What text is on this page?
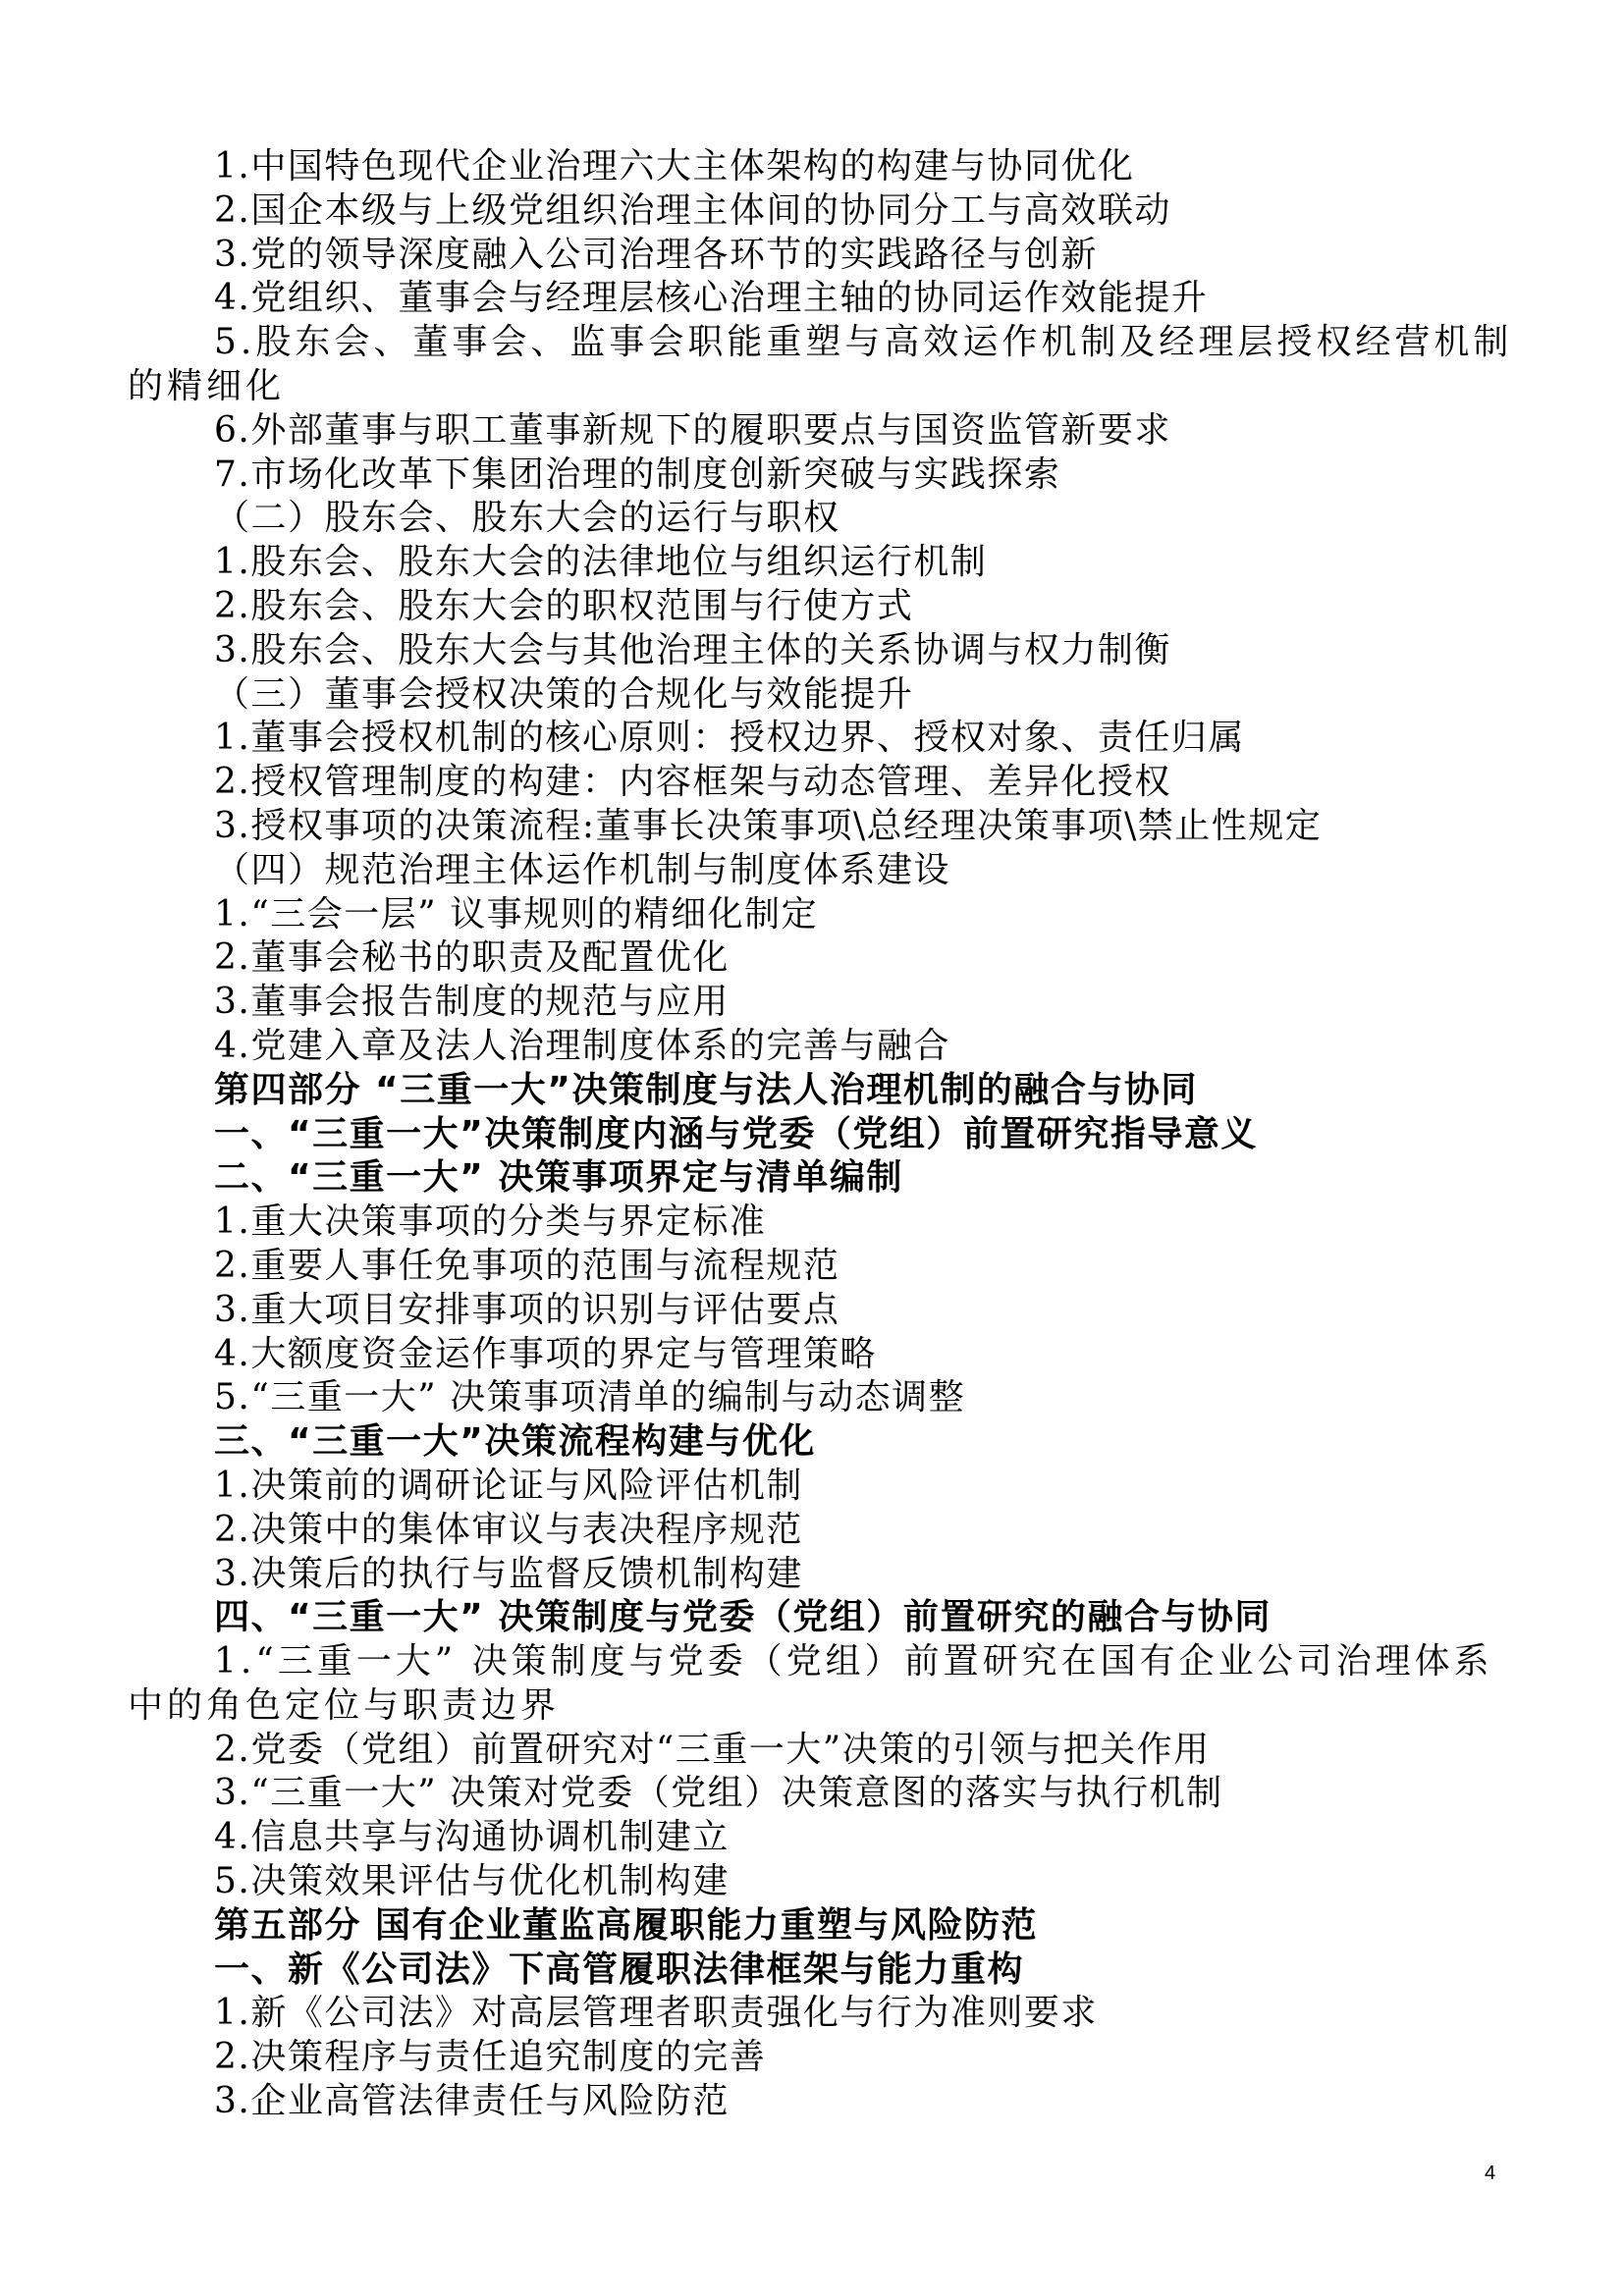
1.中国特色现代企业治理六大主体架构的构建与协同优化
2.国企本级与上级党组织治理主体间的协同分工与高效联动
3.党的领导深度融入公司治理各环节的实践路径与创新
4.党组织、董事会与经理层核心治理主轴的协同运作效能提升
5.股东会、董事会、监事会职能重塑与高效运作机制及经理层授权经营机制的精细化
6.外部董事与职工董事新规下的履职要点与国资监管新要求
7.市场化改革下集团治理的制度创新突破与实践探索
（二）股东会、股东大会的运行与职权
1.股东会、股东大会的法律地位与组织运行机制
2.股东会、股东大会的职权范围与行使方式
3.股东会、股东大会与其他治理主体的关系协调与权力制衡
（三）董事会授权决策的合规化与效能提升
1.董事会授权机制的核心原则：授权边界、授权对象、责任归属
2.授权管理制度的构建：内容框架与动态管理、差异化授权
3.授权事项的决策流程:董事长决策事项\总经理决策事项\禁止性规定
（四）规范治理主体运作机制与制度体系建设
1.“三会一层” 议事规则的精细化制定
2.董事会秘书的职责及配置优化
3.董事会报告制度的规范与应用
4.党建入章及法人治理制度体系的完善与融合
第四部分 “三重一大”决策制度与法人治理机制的融合与协同
一、“三重一大”决策制度内涵与党委（党组）前置研究指导意义
二、“三重一大” 决策事项界定与清单编制
1.重大决策事项的分类与界定标准
2.重要人事任免事项的范围与流程规范
3.重大项目安排事项的识别与评估要点
4.大额度资金运作事项的界定与管理策略
5.“三重一大” 决策事项清单的编制与动态调整
三、“三重一大”决策流程构建与优化
1.决策前的调研论证与风险评估机制
2.决策中的集体审议与表决程序规范
3.决策后的执行与监督反馈机制构建
四、“三重一大” 决策制度与党委（党组）前置研究的融合与协同
1.“三重一大” 决策制度与党委（党组）前置研究在国有企业公司治理体系中的角色定位与职责边界
2.党委（党组）前置研究对“三重一大”决策的引领与把关作用
3.“三重一大” 决策对党委（党组）决策意图的落实与执行机制
4.信息共享与沟通协调机制建立
5.决策效果评估与优化机制构建
第五部分 国有企业董监高履职能力重塑与风险防范
一、新《公司法》下高管履职法律框架与能力重构
1.新《公司法》对高层管理者职责强化与行为准则要求
2.决策程序与责任追究制度的完善
3.企业高管法律责任与风险防范
4
